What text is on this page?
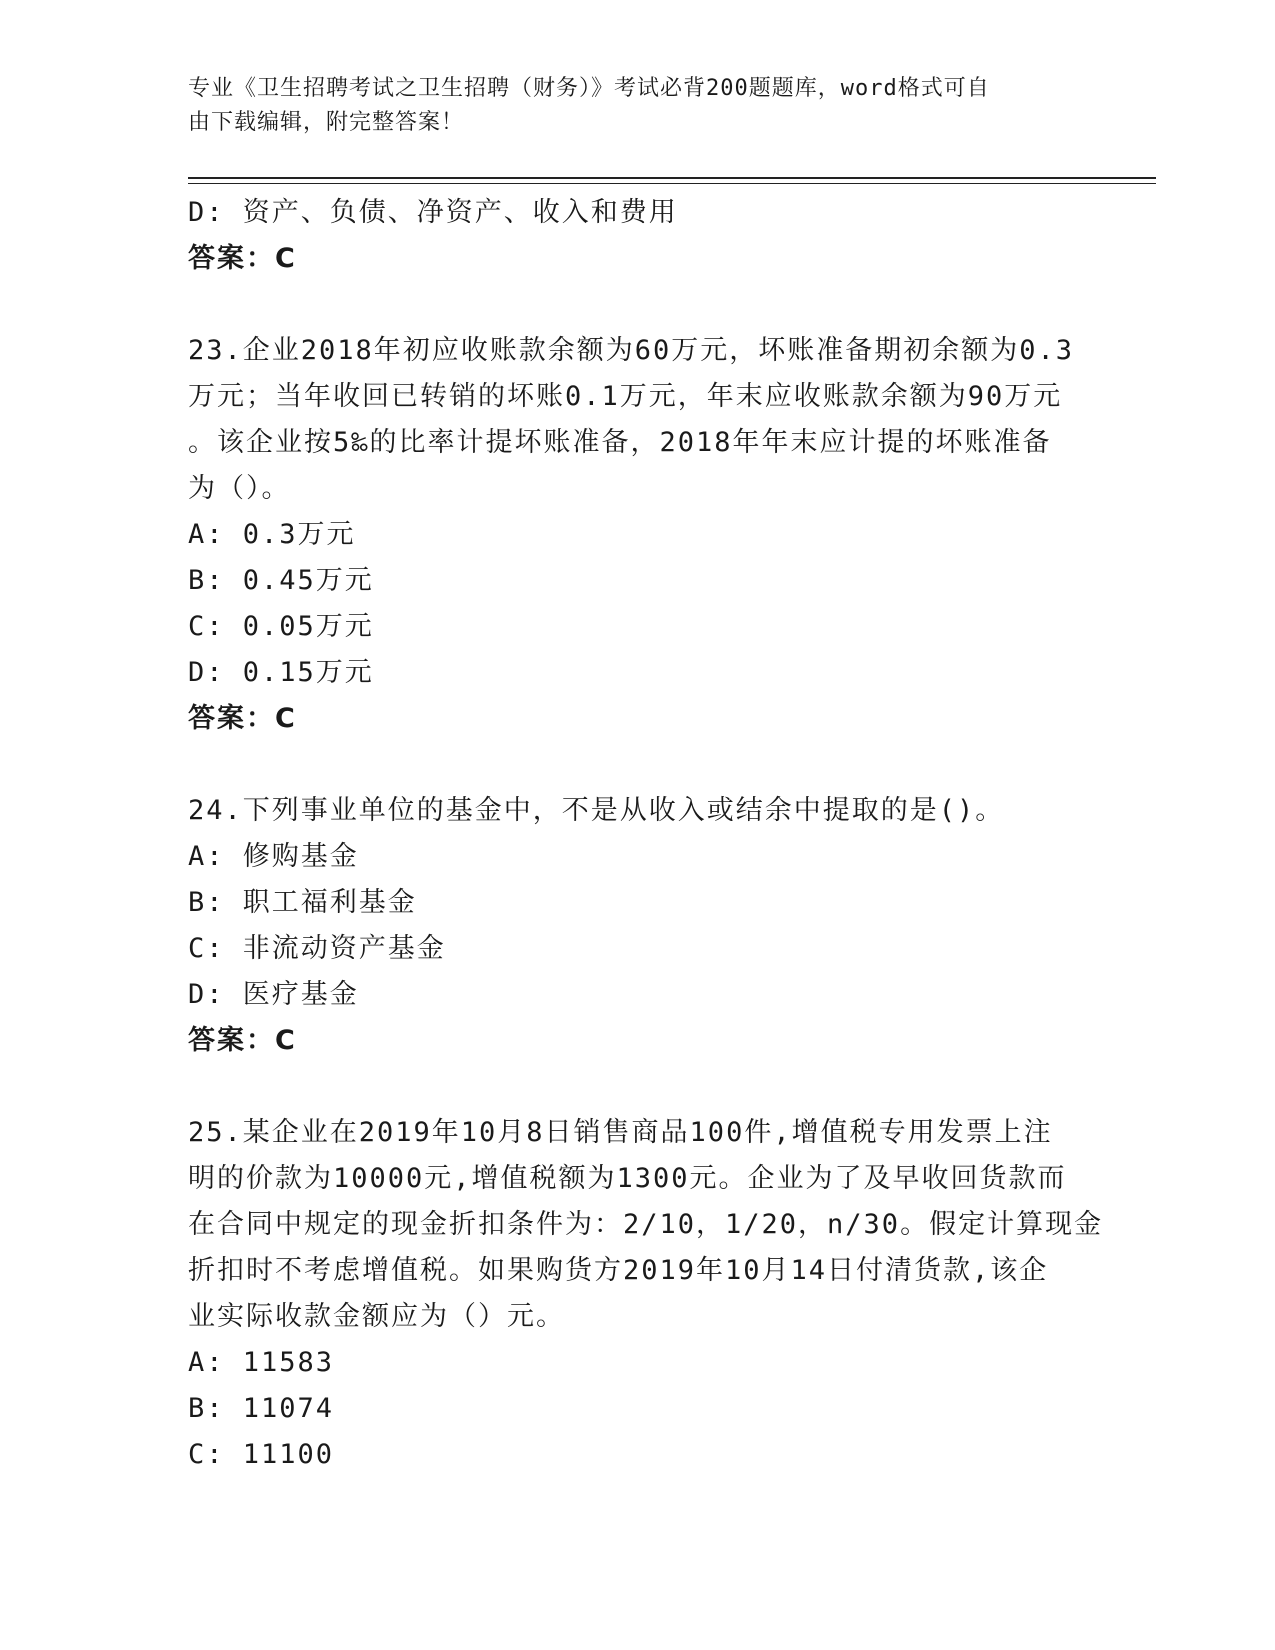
专业《卫生招聘考试之卫生招聘（财务）》考试必背200题题库，word格式可自
由下载编辑，附完整答案！
D: 资产、负债、净资产、收入和费用
答案：C
23.企业2018年初应收账款余额为60万元，坏账准备期初余额为0.3
万元；当年收回已转销的坏账0.1万元，年末应收账款余额为90万元
。该企业按5‰的比率计提坏账准备，2018年年末应计提的坏账准备
为（）。
A: 0.3万元
B: 0.45万元
C: 0.05万元
D: 0.15万元
答案：C
24.下列事业单位的基金中，不是从收入或结余中提取的是()。
A: 修购基金
B: 职工福利基金
C: 非流动资产基金
D: 医疗基金
答案：C
25.某企业在2019年10月8日销售商品100件,增值税专用发票上注
明的价款为10000元,增值税额为1300元。企业为了及早收回货款而
在合同中规定的现金折扣条件为：2/10，1/20，n/30。假定计算现金
折扣时不考虑增值税。如果购货方2019年10月14日付清货款,该企
业实际收款金额应为（）元。
A: 11583
B: 11074
C: 11100
